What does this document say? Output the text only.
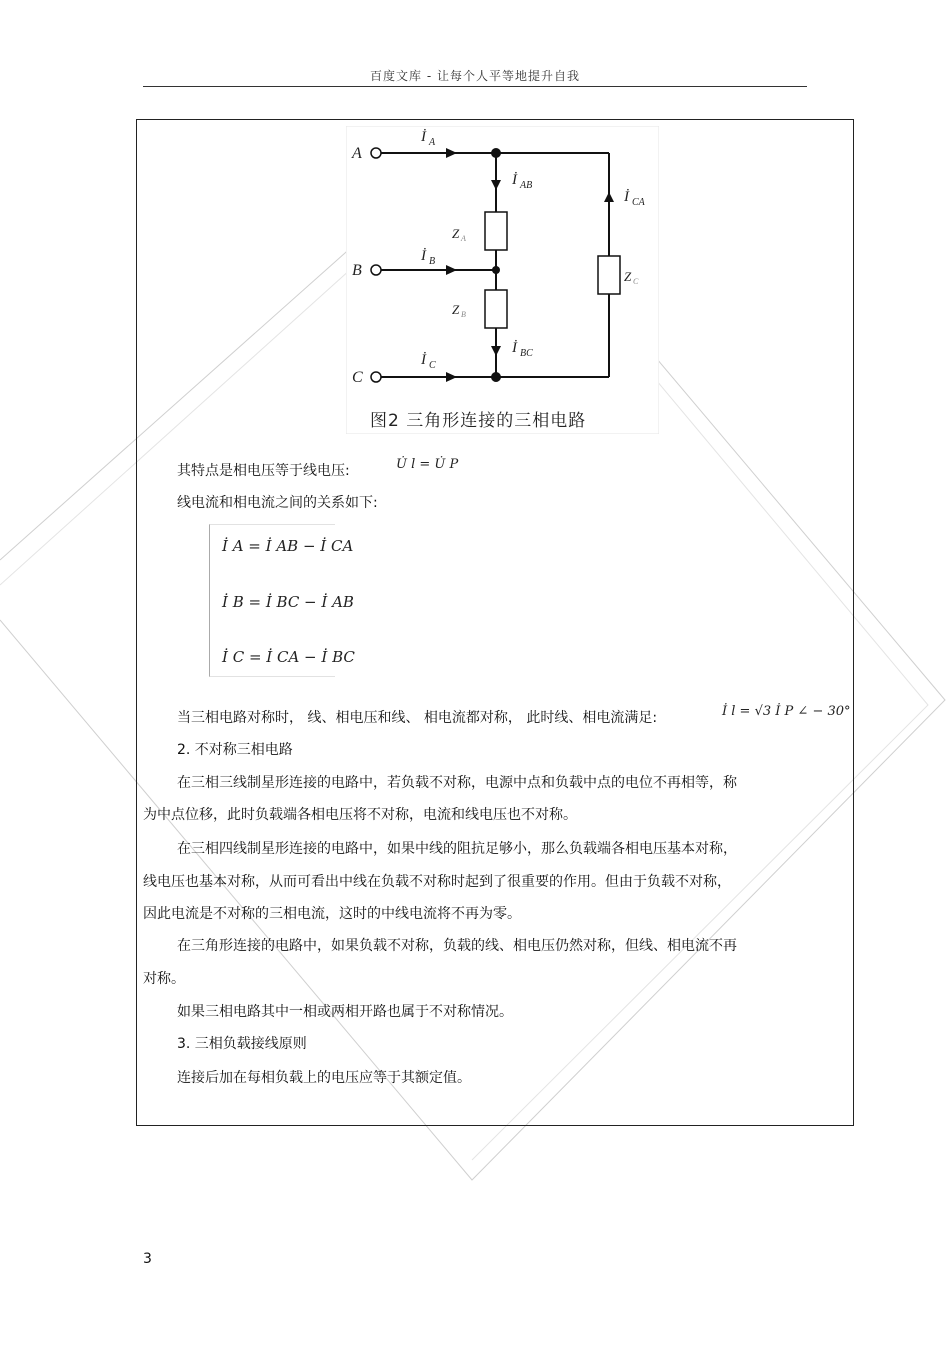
百度文库 - 让每个人平等地提升自我
A
B
C
İ A
İ B
İ C
İ AB
İ BC
İ CA
Z A
Z B
Z C
图2 三角形连接的三相电路
其特点是相电压等于线电压:	U̇ l = U̇ P
线电流和相电流之间的关系如下:
İ A = İ AB − İ CA
İ B = İ BC − İ AB
İ C = İ CA − İ BC
当三相电路对称时， 线、相电压和线、 相电流都对称， 此时线、相电流满足:	İ l = √3 İ P ∠ − 30°
2. 不对称三相电路
在三相三线制星形连接的电路中，若负载不对称，电源中点和负载中点的电位不再相等，称
为中点位移，此时负载端各相电压将不对称，电流和线电压也不对称。
在三相四线制星形连接的电路中，如果中线的阻抗足够小，那么负载端各相电压基本对称，
线电压也基本对称，从而可看出中线在负载不对称时起到了很重要的作用。但由于负载不对称，
因此电流是不对称的三相电流，这时的中线电流将不再为零。
在三角形连接的电路中，如果负载不对称，负载的线、相电压仍然对称，但线、相电流不再
对称。
如果三相电路其中一相或两相开路也属于不对称情况。
3. 三相负载接线原则
连接后加在每相负载上的电压应等于其额定值。
3
